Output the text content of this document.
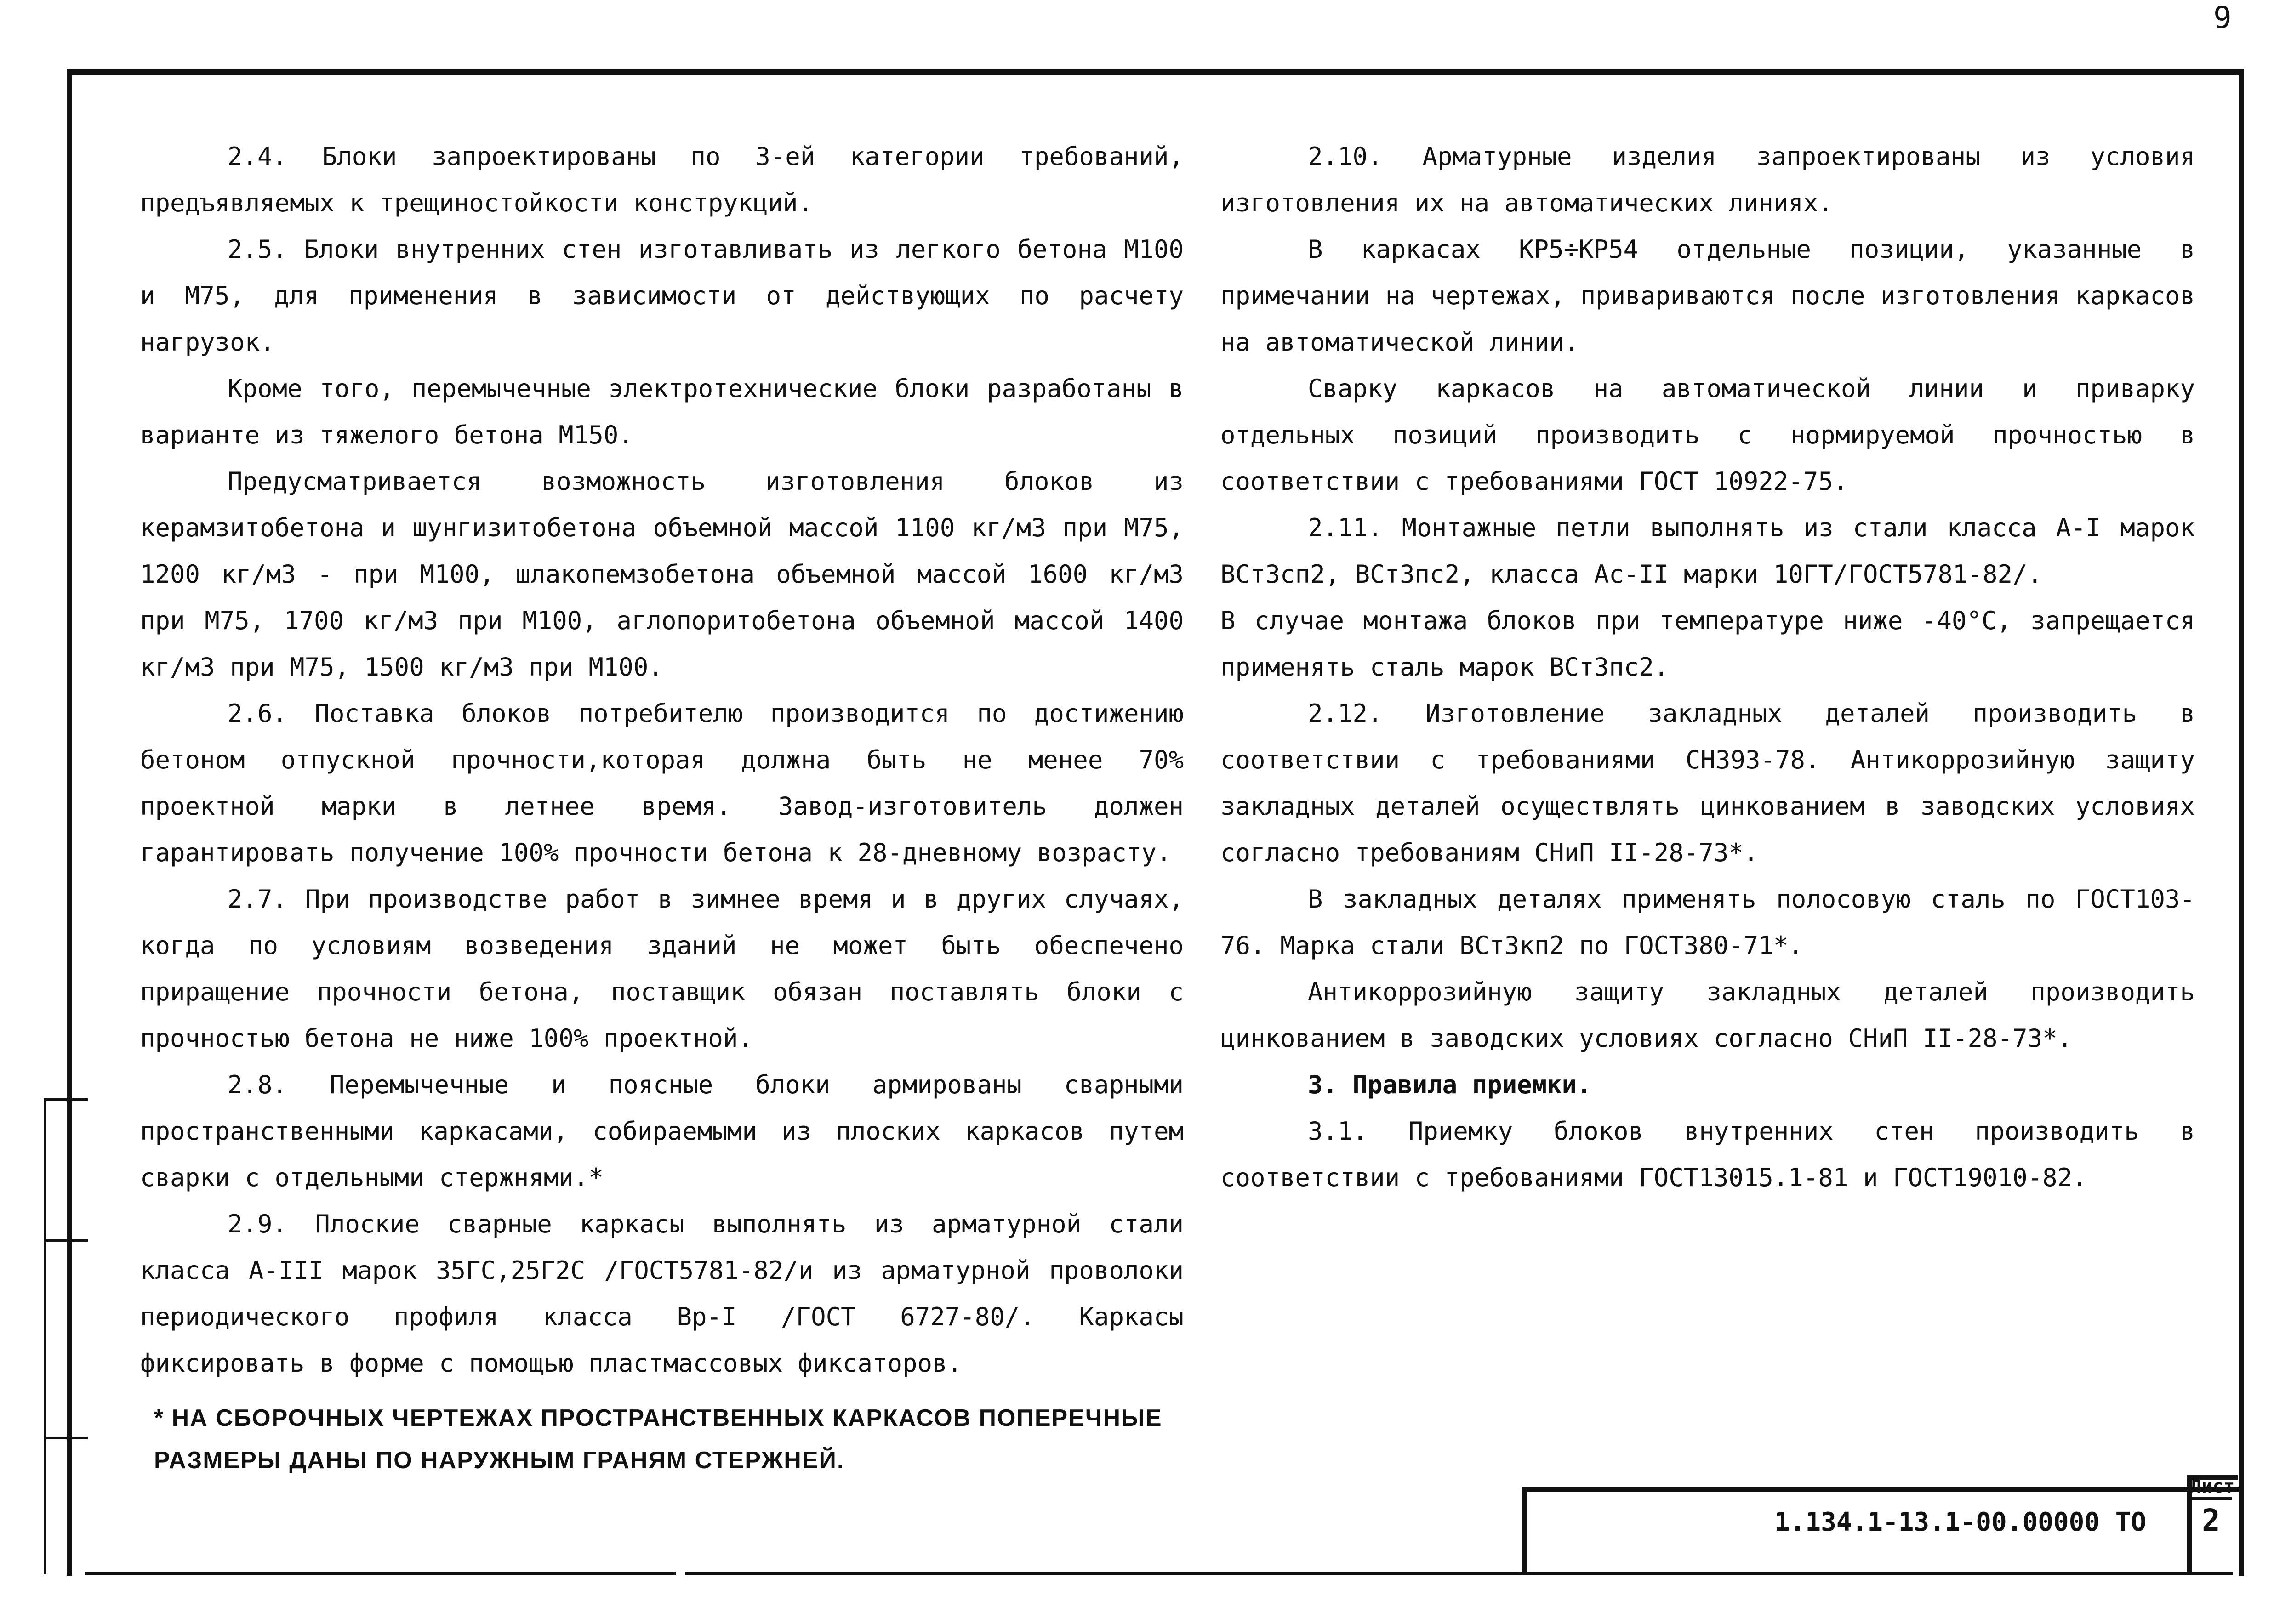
9

2.4. Блоки запроектированы по 3-ей категории требований, предъявляемых к трещиностойкости конструкций.

2.5. Блоки внутренних стен изготавливать из легкого бетона М100 и М75, для применения в зависимости от действующих по расчету нагрузок.

Кроме того, перемычечные электротехнические блоки разработаны в варианте из тяжелого бетона М150.

Предусматривается возможность изготовления блоков из керамзитобетона и шунгизитобетона объемной массой 1100 кг/м3 при М75, 1200 кг/м3 - при М100, шлакопемзобетона объемной массой 1600 кг/м3 при М75, 1700 кг/м3 при М100, аглопоритобетона объемной массой 1400 кг/м3 при М75, 1500 кг/м3 при М100.

2.6. Поставка блоков потребителю производится по достижению бетоном отпускной прочности,которая должна быть не менее 70% проектной марки в летнее время. Завод-изготовитель должен гарантировать получение 100% прочности бетона к 28-дневному возрасту.

2.7. При производстве работ в зимнее время и в других случаях, когда по условиям возведения зданий не может быть обеспечено приращение прочности бетона, поставщик обязан поставлять блоки с прочностью бетона не ниже 100% проектной.

2.8. Перемычечные и поясные блоки армированы сварными пространственными каркасами, собираемыми из плоских каркасов путем сварки с отдельными стержнями.*

2.9. Плоские сварные каркасы выполнять из арматурной стали класса А-III марок 35ГС,25Г2С /ГОСТ5781-82/и из арматурной проволоки периодического профиля класса Вр-I /ГОСТ 6727-80/. Каркасы фиксировать в форме с помощью пластмассовых фиксаторов.

* НА СБОРОЧНЫХ ЧЕРТЕЖАХ ПРОСТРАНСТВЕННЫХ КАРКАСОВ ПОПЕРЕЧНЫЕ РАЗМЕРЫ ДАНЫ ПО НАРУЖНЫМ ГРАНЯМ СТЕРЖНЕЙ.

2.10. Арматурные изделия запроектированы из условия изготовления их на автоматических линиях.

В каркасах КР5÷КР54 отдельные позиции, указанные в примечании на чертежах, привариваются после изготовления каркасов на автоматической линии.

Сварку каркасов на автоматической линии и приварку отдельных позиций производить с нормируемой прочностью в соответствии с требованиями ГОСТ 10922-75.

2.11. Монтажные петли выполнять из стали класса А-I марок ВСт3сп2, ВСт3пс2, класса Ас-II марки 10ГТ/ГОСТ5781-82/.

В случае монтажа блоков при температуре ниже -40°С, запрещается применять сталь марок ВСт3пс2.

2.12. Изготовление закладных деталей производить в соответствии с требованиями СН393-78. Антикоррозийную защиту закладных деталей осуществлять цинкованием в заводских условиях согласно требованиям СНиП II-28-73*.

В закладных деталях применять полосовую сталь по ГОСТ103-76. Марка стали ВСт3кп2 по ГОСТ380-71*.

Антикоррозийную защиту закладных деталей производить цинкованием в заводских условиях согласно СНиП II-28-73*.

3. Правила приемки.

3.1. Приемку блоков внутренних стен производить в соответствии с требованиями ГОСТ13015.1-81 и ГОСТ19010-82.

1.134.1-13.1-00.00000 ТО
Лист
2
